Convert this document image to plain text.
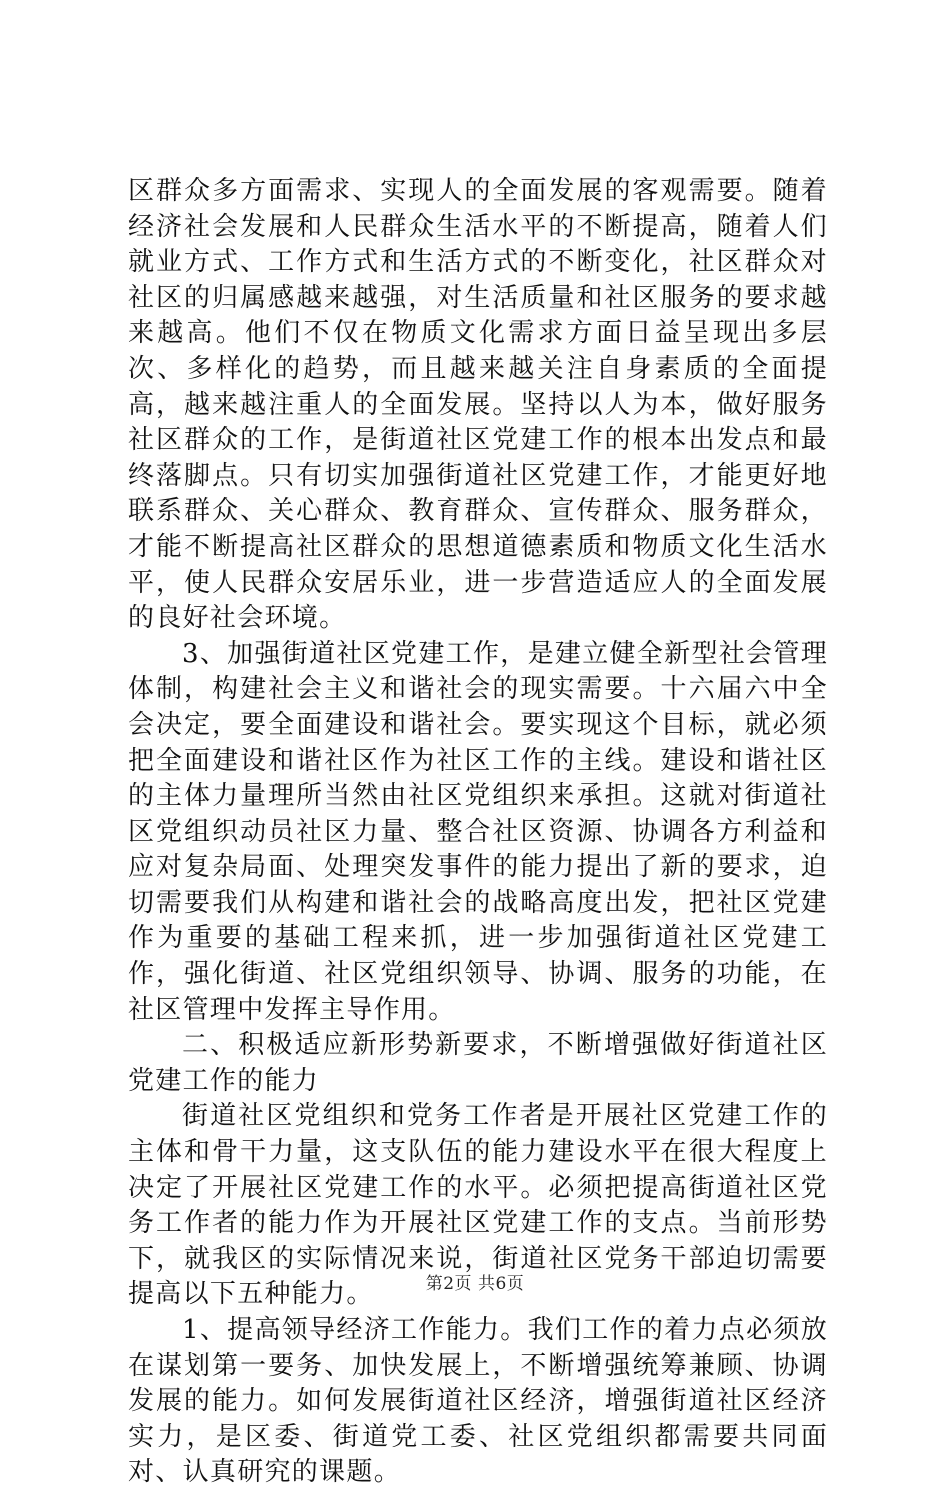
区群众多方面需求、实现人的全面发展的客观需要。随着经济社会发展和人民群众生活水平的不断提高，随着人们就业方式、工作方式和生活方式的不断变化，社区群众对社区的归属感越来越强，对生活质量和社区服务的要求越来越高。他们不仅在物质文化需求方面日益呈现出多层次、多样化的趋势，而且越来越关注自身素质的全面提高，越来越注重人的全面发展。坚持以人为本，做好服务社区群众的工作，是街道社区党建工作的根本出发点和最终落脚点。只有切实加强街道社区党建工作，才能更好地联系群众、关心群众、教育群众、宣传群众、服务群众，才能不断提高社区群众的思想道德素质和物质文化生活水平，使人民群众安居乐业，进一步营造适应人的全面发展的良好社会环境。

3、加强街道社区党建工作，是建立健全新型社会管理体制，构建社会主义和谐社会的现实需要。十六届六中全会决定，要全面建设和谐社会。要实现这个目标，就必须把全面建设和谐社区作为社区工作的主线。建设和谐社区的主体力量理所当然由社区党组织来承担。这就对街道社区党组织动员社区力量、整合社区资源、协调各方利益和应对复杂局面、处理突发事件的能力提出了新的要求，迫切需要我们从构建和谐社会的战略高度出发，把社区党建作为重要的基础工程来抓，进一步加强街道社区党建工作，强化街道、社区党组织领导、协调、服务的功能，在社区管理中发挥主导作用。

二、积极适应新形势新要求，不断增强做好街道社区党建工作的能力

街道社区党组织和党务工作者是开展社区党建工作的主体和骨干力量，这支队伍的能力建设水平在很大程度上决定了开展社区党建工作的水平。必须把提高街道社区党务工作者的能力作为开展社区党建工作的支点。当前形势下，就我区的实际情况来说，街道社区党务干部迫切需要提高以下五种能力。

1、提高领导经济工作能力。我们工作的着力点必须放在谋划第一要务、加快发展上，不断增强统筹兼顾、协调发展的能力。如何发展街道社区经济，增强街道社区经济实力，是区委、街道党工委、社区党组织都需要共同面对、认真研究的课题。

第2页 共6页
